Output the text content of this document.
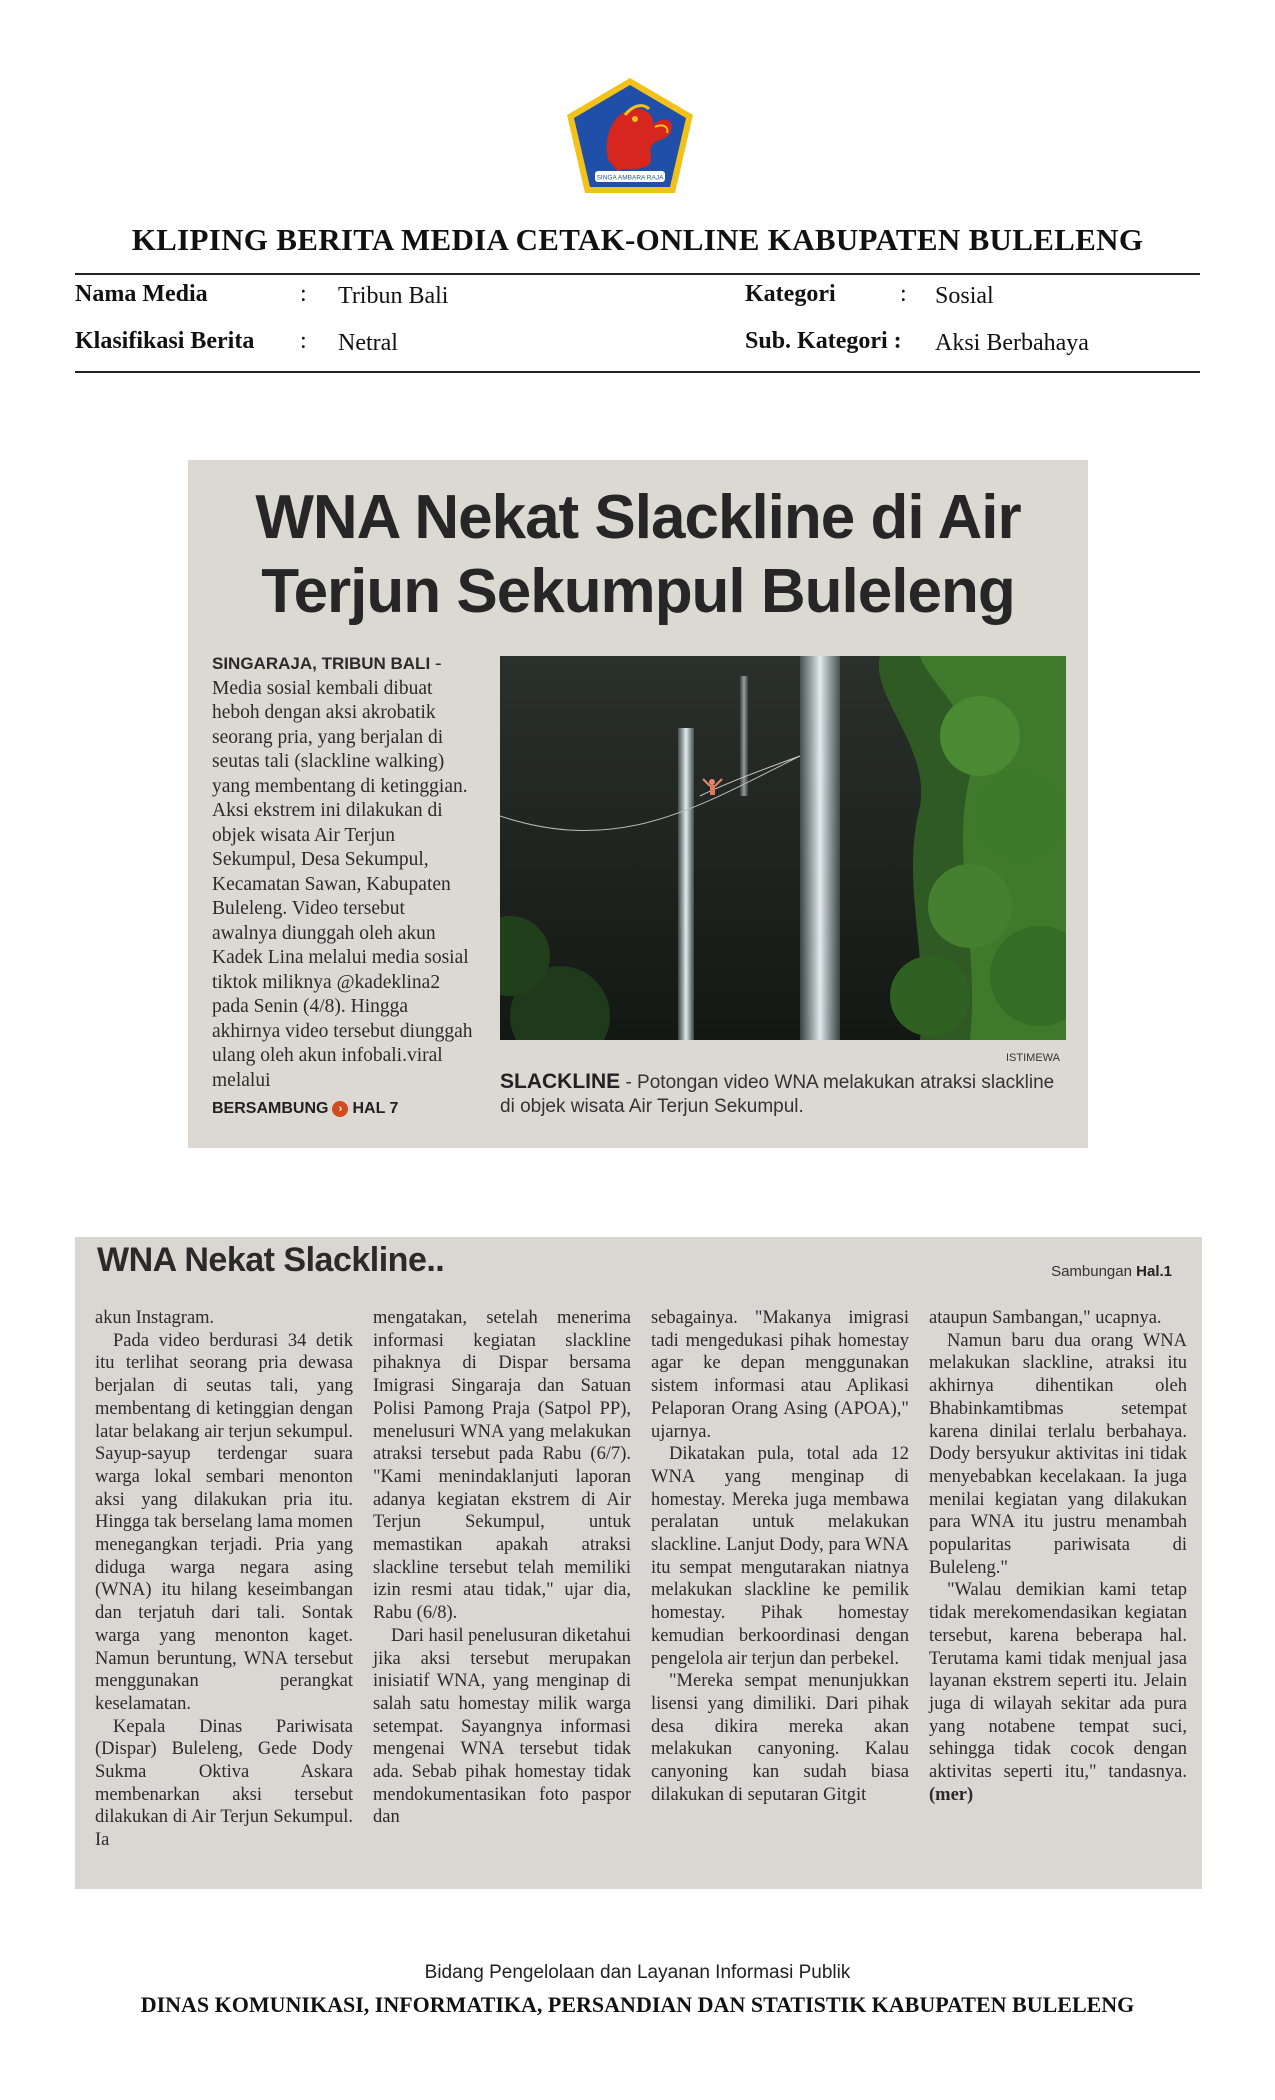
SINGA AMBARA RAJA
KLIPING BERITA MEDIA CETAK-ONLINE KABUPATEN BULELENG
Nama Media	: Tribun Bali	Kategori	: Sosial
Klasifikasi Berita : Netral	Sub. Kategori : Aksi Berbahaya
WNA Nekat Slackline di Air
Terjun Sekumpul Buleleng
SINGARAJA, TRIBUN BALI - Media sosial kembali dibuat heboh dengan aksi akrobatik seorang pria, yang berjalan di seutas tali (slackline walking) yang membentang di ketinggian. Aksi ekstrem ini dilakukan di objek wisata Air Terjun Sekumpul, Desa Sekumpul, Kecamatan Sawan, Kabupaten Buleleng. Video tersebut awalnya diunggah oleh akun Kadek Lina melalui media sosial tiktok miliknya @kadeklina2 pada Senin (4/8). Hingga akhirnya video tersebut diunggah ulang oleh akun infobali.viral melalui
ISTIMEWA
SLACKLINE - Potongan video WNA melakukan atraksi slackline di objek wisata Air Terjun Sekumpul.
BERSAMBUNG › HAL 7
WNA Nekat Slackline..	Sambungan Hal.1

akun Instagram.

Pada video berdurasi 34 detik itu terlihat seorang pria dewasa berjalan di seutas tali, yang membentang di ketinggian dengan latar belakang air terjun sekumpul. Sayup-sayup terdengar suara warga lokal sembari menonton aksi yang dilakukan pria itu. Hingga tak berselang lama momen menegangkan terjadi. Pria yang diduga warga negara asing (WNA) itu hilang keseimbangan dan terjatuh dari tali. Sontak warga yang menonton kaget. Namun beruntung, WNA tersebut menggunakan perangkat keselamatan.

Kepala Dinas Pariwisata (Dispar) Buleleng, Gede Dody Sukma Oktiva Askara membenarkan aksi tersebut dilakukan di Air Terjun Sekumpul. Ia

mengatakan, setelah menerima informasi kegiatan slackline pihaknya di Dispar bersama Imigrasi Singaraja dan Satuan Polisi Pamong Praja (Satpol PP), menelusuri WNA yang melakukan atraksi tersebut pada Rabu (6/7). "Kami menindaklanjuti laporan adanya kegiatan ekstrem di Air Terjun Sekumpul, untuk memastikan apakah atraksi slackline tersebut telah memiliki izin resmi atau tidak," ujar dia, Rabu (6/8).

Dari hasil penelusuran diketahui jika aksi tersebut merupakan inisiatif WNA, yang menginap di salah satu homestay milik warga setempat. Sayangnya informasi mengenai WNA tersebut tidak ada. Sebab pihak homestay tidak mendokumentasikan foto paspor dan

sebagainya. "Makanya imigrasi tadi mengedukasi pihak homestay agar ke depan menggunakan sistem informasi atau Aplikasi Pelaporan Orang Asing (APOA)," ujarnya.

Dikatakan pula, total ada 12 WNA yang menginap di homestay. Mereka juga membawa peralatan untuk melakukan slackline. Lanjut Dody, para WNA itu sempat mengutarakan niatnya melakukan slackline ke pemilik homestay. Pihak homestay kemudian berkoordinasi dengan pengelola air terjun dan perbekel.

"Mereka sempat menunjukkan lisensi yang dimiliki. Dari pihak desa dikira mereka akan melakukan canyoning. Kalau canyoning kan sudah biasa dilakukan di seputaran Gitgit

ataupun Sambangan," ucapnya.

Namun baru dua orang WNA melakukan slackline, atraksi itu akhirnya dihentikan oleh Bhabinkamtibmas setempat karena dinilai terlalu berbahaya. Dody bersyukur aktivitas ini tidak menyebabkan kecelakaan. Ia juga menilai kegiatan yang dilakukan para WNA itu justru menambah popularitas pariwisata di Buleleng."

"Walau demikian kami tetap tidak merekomendasikan kegiatan tersebut, karena beberapa hal. Terutama kami tidak menjual jasa layanan ekstrem seperti itu. Jelain juga di wilayah sekitar ada pura yang notabene tempat suci, sehingga tidak cocok dengan aktivitas seperti itu," tandasnya. (mer)

Bidang Pengelolaan dan Layanan Informasi Publik
DINAS KOMUNIKASI, INFORMATIKA, PERSANDIAN DAN STATISTIK KABUPATEN BULELENG
